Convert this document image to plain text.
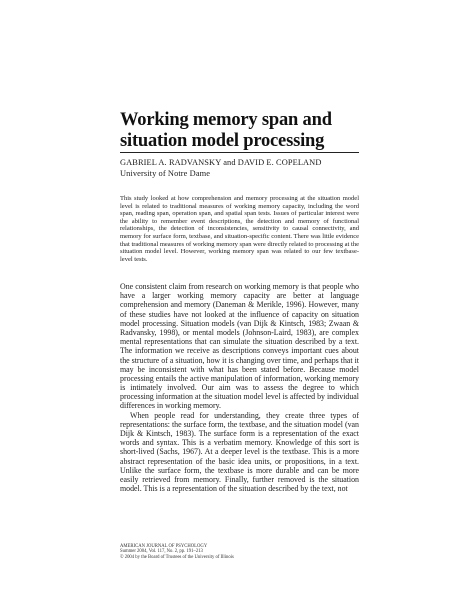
Working memory span and situation model processing
GABRIEL A. RADVANSKY and DAVID E. COPELAND
University of Notre Dame
This study looked at how comprehension and memory processing at the situation model level is related to traditional measures of working memory capacity, including the word span, reading span, operation span, and spatial span tests. Issues of particular interest were the ability to remember event descriptions, the detection and memory of functional relationships, the detection of inconsistencies, sensitivity to causal connectivity, and memory for surface form, textbase, and situation-specific content. There was little evidence that traditional measures of working memory span were directly related to processing at the situation model level. However, working memory span was related to our few textbase-level tests.

One consistent claim from research on working memory is that people who have a larger working memory capacity are better at language comprehension and memory (Daneman & Merikle, 1996). However, many of these studies have not looked at the influence of capacity on situation model processing. Situation models (van Dijk & Kintsch, 1983; Zwaan & Radvansky, 1998), or mental models (Johnson-Laird, 1983), are complex mental representations that can simulate the situation described by a text. The information we receive as descriptions conveys important cues about the structure of a situation, how it is changing over time, and perhaps that it may be inconsistent with what has been stated before. Because model processing entails the active manipulation of information, working memory is intimately involved. Our aim was to assess the degree to which processing information at the situation model level is affected by individual differences in working memory.

When people read for understanding, they create three types of representations: the surface form, the textbase, and the situation model (van Dijk & Kintsch, 1983). The surface form is a representation of the exact words and syntax. This is a verbatim memory. Knowledge of this sort is short-lived (Sachs, 1967). At a deeper level is the textbase. This is a more abstract representation of the basic idea units, or propositions, in a text. Unlike the surface form, the textbase is more durable and can be more easily retrieved from memory. Finally, further removed is the situation model. This is a representation of the situation described by the text, not

AMERICAN JOURNAL OF PSYCHOLOGY
Summer 2004, Vol. 117, No. 2, pp. 191–213
© 2004 by the Board of Trustees of the University of Illinois
